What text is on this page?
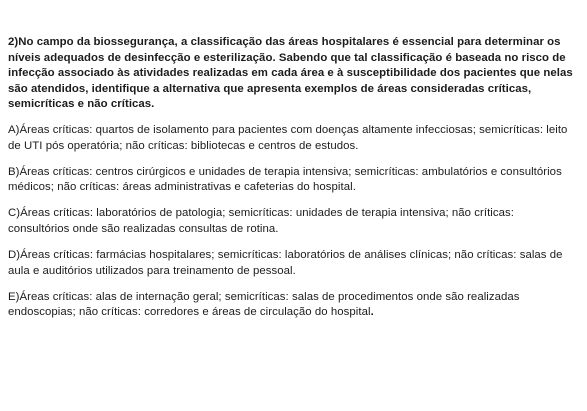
2)No campo da biossegurança, a classificação das áreas hospitalares é essencial para determinar os níveis adequados de desinfecção e esterilização. Sabendo que tal classificação é baseada no risco de infecção associado às atividades realizadas em cada área e à susceptibilidade dos pacientes que nelas são atendidos, identifique a alternativa que apresenta exemplos de áreas consideradas críticas, semicríticas e não críticas.

A)Áreas críticas: quartos de isolamento para pacientes com doenças altamente infecciosas; semicríticas: leito de UTI pós operatória; não críticas: bibliotecas e centros de estudos.

B)Áreas críticas: centros cirúrgicos e unidades de terapia intensiva; semicríticas: ambulatórios e consultórios médicos; não críticas: áreas administrativas e cafeterias do hospital.

C)Áreas críticas: laboratórios de patologia; semicríticas: unidades de terapia intensiva; não críticas: consultórios onde são realizadas consultas de rotina.

D)Áreas críticas: farmácias hospitalares; semicríticas: laboratórios de análises clínicas; não críticas: salas de aula e auditórios utilizados para treinamento de pessoal.

E)Áreas críticas: alas de internação geral; semicríticas: salas de procedimentos onde são realizadas endoscopias; não críticas: corredores e áreas de circulação do hospital.
